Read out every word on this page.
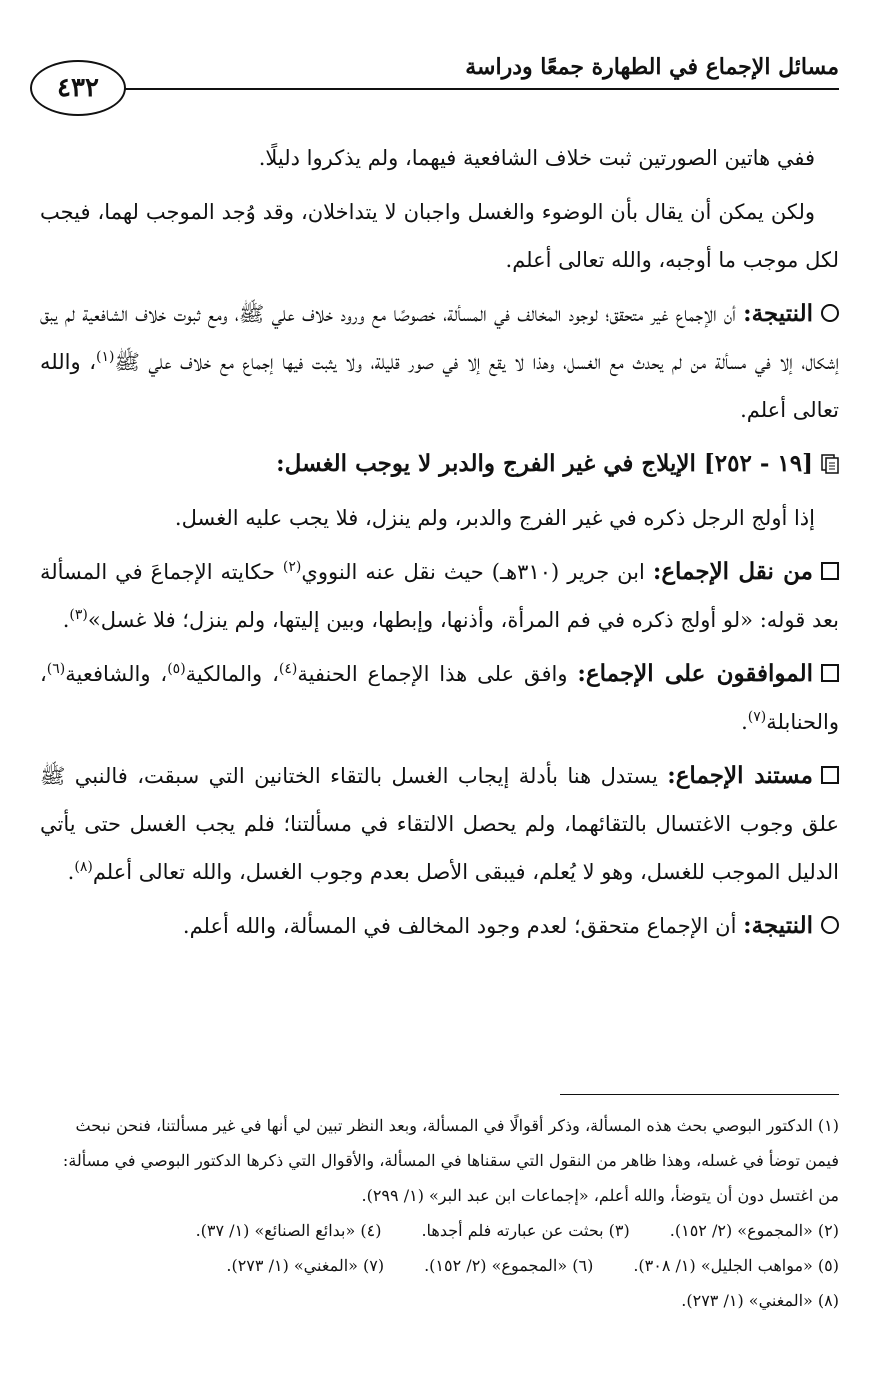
مسائل الإجماع في الطهارة جمعًا ودراسة
٤٣٢

ففي هاتين الصورتين ثبت خلاف الشافعية فيهما، ولم يذكروا دليلًا.

ولكن يمكن أن يقال بأن الوضوء والغسل واجبان لا يتداخلان، وقد وُجد الموجب لهما، فيجب لكل موجب ما أوجبه، والله تعالى أعلم.

النتيجة: أن الإجماع غير متحقق؛ لوجود المخالف في المسألة، خصوصًا مع ورود خلاف علي ﷺ، ومع ثبوت خلاف الشافعية لم يبق إشكال، إلا في مسألة من لم يحدث مع الغسل، وهذا لا يقع إلا في صور قليلة، ولا يثبت فيها إجماع مع خلاف علي ﷺ$^{(١)}$، والله تعالى أعلم.

[١٩ - ٢٥٢] الإيلاج في غير الفرج والدبر لا يوجب الغسل:

إذا أولج الرجل ذكره في غير الفرج والدبر، ولم ينزل، فلا يجب عليه الغسل.

من نقل الإجماع: ابن جرير (٣١٠هـ) حيث نقل عنه النووي$^{(٢)}$ حكايته الإجماعَ في المسألة بعد قوله: «لو أولج ذكره في فم المرأة، وأذنها، وإبطها، وبين إليتها، ولم ينزل؛ فلا غسل»$^{(٣)}$.

الموافقون على الإجماع: وافق على هذا الإجماع الحنفية$^{(٤)}$، والمالكية$^{(٥)}$، والشافعية$^{(٦)}$، والحنابلة$^{(٧)}$.

مستند الإجماع: يستدل هنا بأدلة إيجاب الغسل بالتقاء الختانين التي سبقت، فالنبي ﷺ علق وجوب الاغتسال بالتقائهما، ولم يحصل الالتقاء في مسألتنا؛ فلم يجب الغسل حتى يأتي الدليل الموجب للغسل، وهو لا يُعلم، فيبقى الأصل بعدم وجوب الغسل، والله تعالى أعلم$^{(٨)}$.

النتيجة: أن الإجماع متحقق؛ لعدم وجود المخالف في المسألة، والله أعلم.

(١) الدكتور البوصي بحث هذه المسألة، وذكر أقوالًا في المسألة، وبعد النظر تبين لي أنها في غير مسألتنا، فنحن نبحث فيمن توضأ في غسله، وهذا ظاهر من النقول التي سقناها في المسألة، والأقوال التي ذكرها الدكتور البوصي في مسألة: من اغتسل دون أن يتوضأ، والله أعلم، «إجماعات ابن عبد البر» (١/ ٢٩٩).

(٢) «المجموع» (٢/ ١٥٢).
(٣) بحثت عن عبارته فلم أجدها.
(٤) «بدائع الصنائع» (١/ ٣٧).
(٥) «مواهب الجليل» (١/ ٣٠٨).
(٦) «المجموع» (٢/ ١٥٢).
(٧) «المغني» (١/ ٢٧٣).

(٨) «المغني» (١/ ٢٧٣).
